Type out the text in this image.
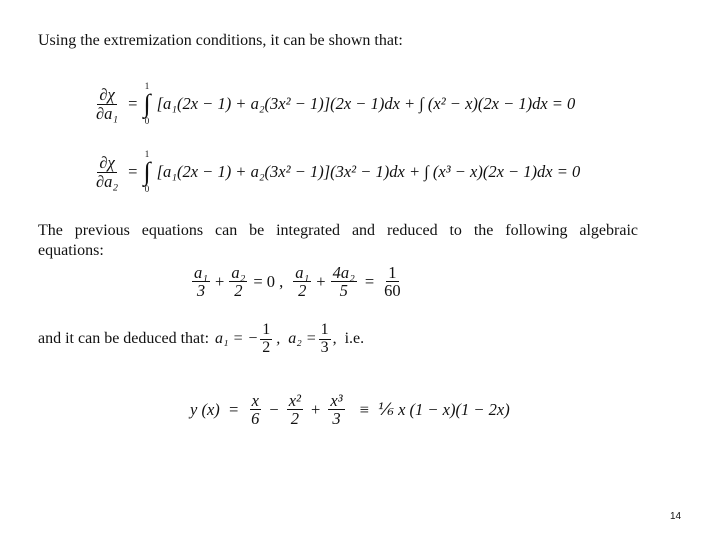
Using the extremization conditions, it can be shown that:
$\frac{\partial\chi}{\text{∂a₁}}$ =
1
∫
0
[a₁(2x − 1) + a₂(3x² − 1)](2x − 1)dx + ∫ (x² − x)(2x − 1)dx = 0
$\frac{\partial\chi}{\text{∂a₂}}$ =
1
∫
0
[a₁(2x − 1) + a₂(3x² − 1)](3x² − 1)dx + ∫ (x³ − x)(2x − 1)dx = 0
The previous equations can be integrated and reduced to the following algebraic
equations:
$\frac{\text{a₁}}{3} + \frac{\text{a₂}}{2} = 0$ , $\frac{\text{a₁}}{2} + \frac{\text{4a₂}}{5} = \frac{1}{60}$
and it can be deduced that: a₁ = − $\frac{1}{2}$ ,  $a_2 = \frac{1}{3}$ ,  i.e.
y $(x) = \frac{x}{6} - \frac{\text{x²}}{2} + \frac{\text{x³}}{3}$ ≡  ⅙ x (1 − x)(1 − 2x)
14
